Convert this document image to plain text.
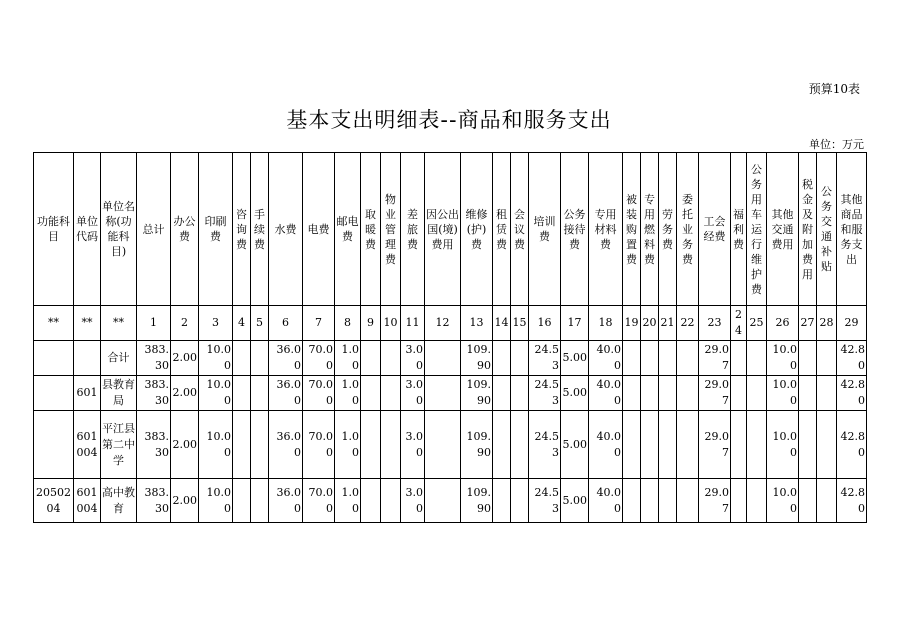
预算10表
基本支出明细表--商品和服务支出
单位：万元
功能科目	单位代码	单位名称(功能科目)	总计	办公费	印刷费	咨询费	手续费	水费	电费	邮电费	取暖费	物业管理费	差旅费	因公出国(境)费用	维修(护)费	租赁费	会议费	培训费	公务接待费	专用材料费	被装购置费	专用燃料费	劳务费	委托业务费	工会经费	福利费	公务用车运行维护费	其他交通费用	税金及附加费用	公务交通补贴	其他商品和服务支出
**	**	**	1	2	3	4	5	6	7	8	9	10	11	12	13	14	15	16	17	18	19	20	21	22	23	24	25	26	27	28	29
		合计	383.30	2.00	10.00			36.00	70.00	1.00			3.00		109.90			24.53	5.00	40.00					29.07			10.00			42.80
	601	县教育局	383.30	2.00	10.00			36.00	70.00	1.00			3.00		109.90			24.53	5.00	40.00					29.07			10.00			42.80
	601004	平江县第二中学	383.30	2.00	10.00			36.00	70.00	1.00			3.00		109.90			24.53	5.00	40.00					29.07			10.00			42.80
2050204	601004	高中教育	383.30	2.00	10.00			36.00	70.00	1.00			3.00		109.90			24.53	5.00	40.00					29.07			10.00			42.80
